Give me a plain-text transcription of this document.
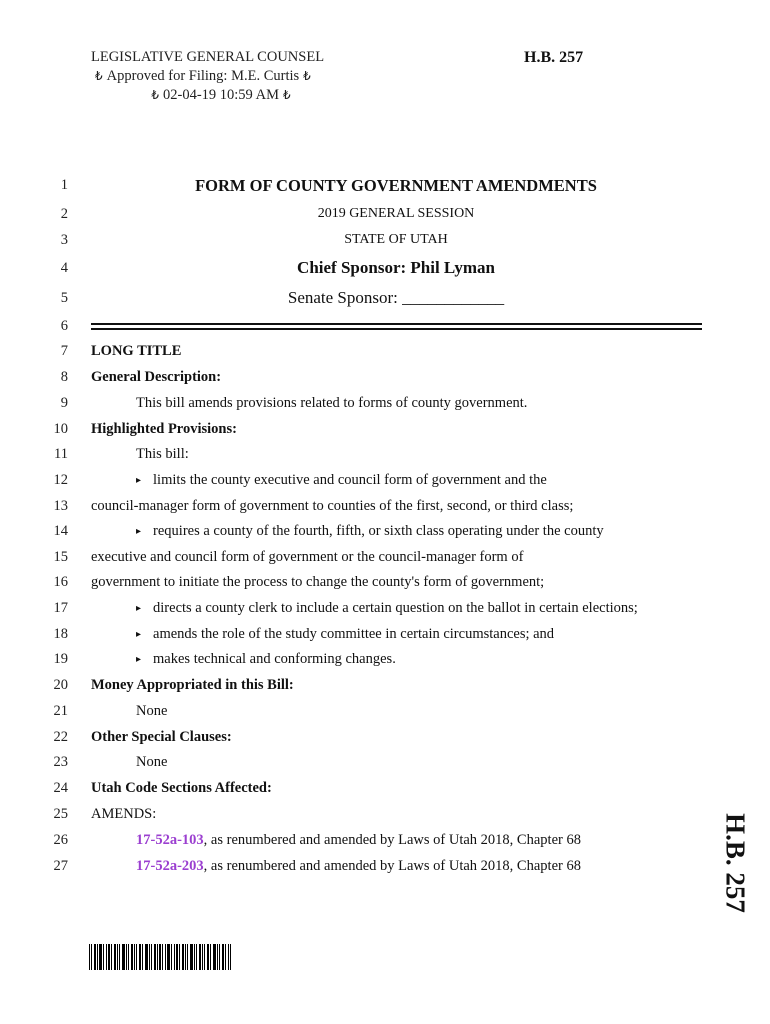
LEGISLATIVE GENERAL COUNSEL
₺ Approved for Filing: M.E. Curtis ₺
₺ 02-04-19 10:59 AM ₺
H.B. 257
1
2
3
4
5
6
7
8
9
10
11
12
13
14
15
16
17
18
19
20
21
22
23
24
25
26
27
FORM OF COUNTY GOVERNMENT AMENDMENTS
2019 GENERAL SESSION
STATE OF UTAH
Chief Sponsor: Phil Lyman
Senate Sponsor: ____________
LONG TITLE
General Description:
This bill amends provisions related to forms of county government.
Highlighted Provisions:
This bill:
▸ limits the county executive and council form of government and the
council-manager form of government to counties of the first, second, or third class;
▸ requires a county of the fourth, fifth, or sixth class operating under the county
executive and council form of government or the council-manager form of
government to initiate the process to change the county's form of government;
▸ directs a county clerk to include a certain question on the ballot in certain elections;
▸ amends the role of the study committee in certain circumstances; and
▸ makes technical and conforming changes.
Money Appropriated in this Bill:
None
Other Special Clauses:
None
Utah Code Sections Affected:
AMENDS:
17-52a-103, as renumbered and amended by Laws of Utah 2018, Chapter 68
17-52a-203, as renumbered and amended by Laws of Utah 2018, Chapter 68	H.B. 257
